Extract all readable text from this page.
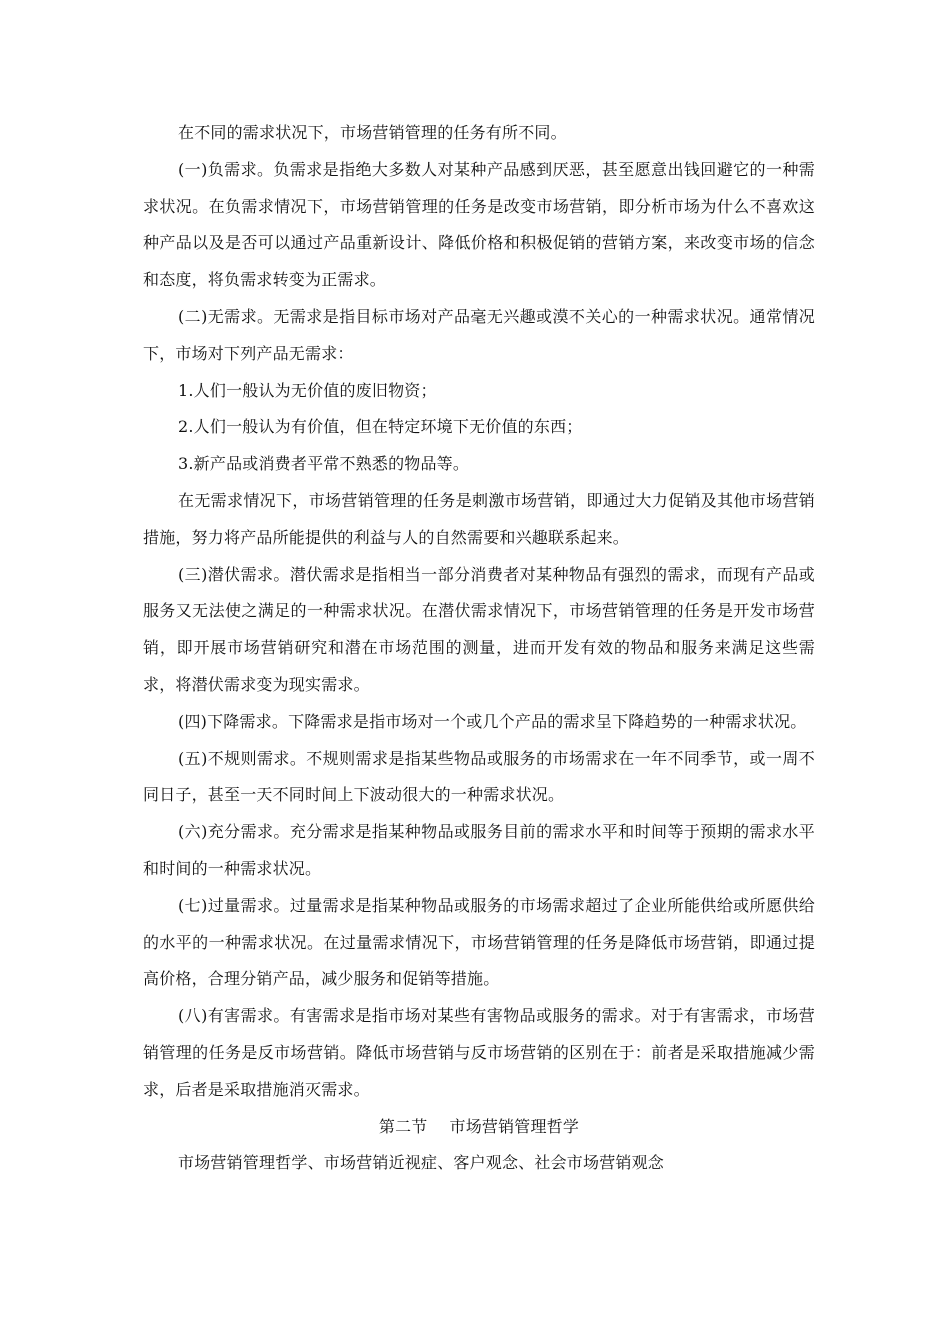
在不同的需求状况下，市场营销管理的任务有所不同。

(一)负需求。负需求是指绝大多数人对某种产品感到厌恶，甚至愿意出钱回避它的一种需求状况。在负需求情况下，市场营销管理的任务是改变市场营销，即分析市场为什么不喜欢这种产品以及是否可以通过产品重新设计、降低价格和积极促销的营销方案，来改变市场的信念和态度，将负需求转变为正需求。

(二)无需求。无需求是指目标市场对产品毫无兴趣或漠不关心的一种需求状况。通常情况下，市场对下列产品无需求：

1.人们一般认为无价值的废旧物资；

2.人们一般认为有价值，但在特定环境下无价值的东西；

3.新产品或消费者平常不熟悉的物品等。

在无需求情况下，市场营销管理的任务是刺激市场营销，即通过大力促销及其他市场营销措施，努力将产品所能提供的利益与人的自然需要和兴趣联系起来。

(三)潜伏需求。潜伏需求是指相当一部分消费者对某种物品有强烈的需求，而现有产品或服务又无法使之满足的一种需求状况。在潜伏需求情况下，市场营销管理的任务是开发市场营销，即开展市场营销研究和潜在市场范围的测量，进而开发有效的物品和服务来满足这些需求，将潜伏需求变为现实需求。

(四)下降需求。下降需求是指市场对一个或几个产品的需求呈下降趋势的一种需求状况。

(五)不规则需求。不规则需求是指某些物品或服务的市场需求在一年不同季节，或一周不同日子，甚至一天不同时间上下波动很大的一种需求状况。

(六)充分需求。充分需求是指某种物品或服务目前的需求水平和时间等于预期的需求水平和时间的一种需求状况。

(七)过量需求。过量需求是指某种物品或服务的市场需求超过了企业所能供给或所愿供给的水平的一种需求状况。在过量需求情况下，市场营销管理的任务是降低市场营销，即通过提高价格，合理分销产品，减少服务和促销等措施。

(八)有害需求。有害需求是指市场对某些有害物品或服务的需求。对于有害需求，市场营销管理的任务是反市场营销。降低市场营销与反市场营销的区别在于：前者是采取措施减少需求，后者是采取措施消灭需求。

第二节 市场营销管理哲学

市场营销管理哲学、市场营销近视症、客户观念、社会市场营销观念
